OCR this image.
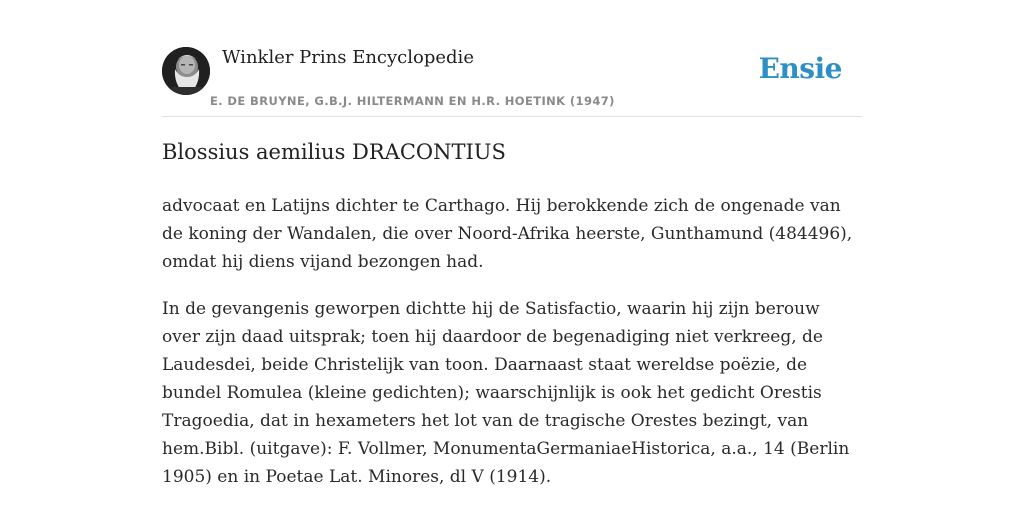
Winkler Prins Encyclopedie
E. DE BRUYNE, G.B.J. HILTERMANN EN H.R. HOETINK (1947)
Ensie
Blossius aemilius DRACONTIUS

advocaat en Latijns dichter te Carthago. Hij berokkende zich de ongenade van de koning der Wandalen, die over Noord-Afrika heerste, Gunthamund (484496), omdat hij diens vijand bezongen had.

In de gevangenis geworpen dichtte hij de Satisfactio, waarin hij zijn berouw over zijn daad uitsprak; toen hij daardoor de begenadiging niet verkreeg, de Laudesdei, beide Christelijk van toon. Daarnaast staat wereldse poëzie, de bundel Romulea (kleine gedichten); waarschijnlijk is ook het gedicht Orestis Tragoedia, dat in hexameters het lot van de tragische Orestes bezingt, van hem.Bibl. (uitgave): F. Vollmer, MonumentaGermaniaeHistorica, a.a., 14 (Berlin 1905) en in Poetae Lat. Minores, dl V (1914).
